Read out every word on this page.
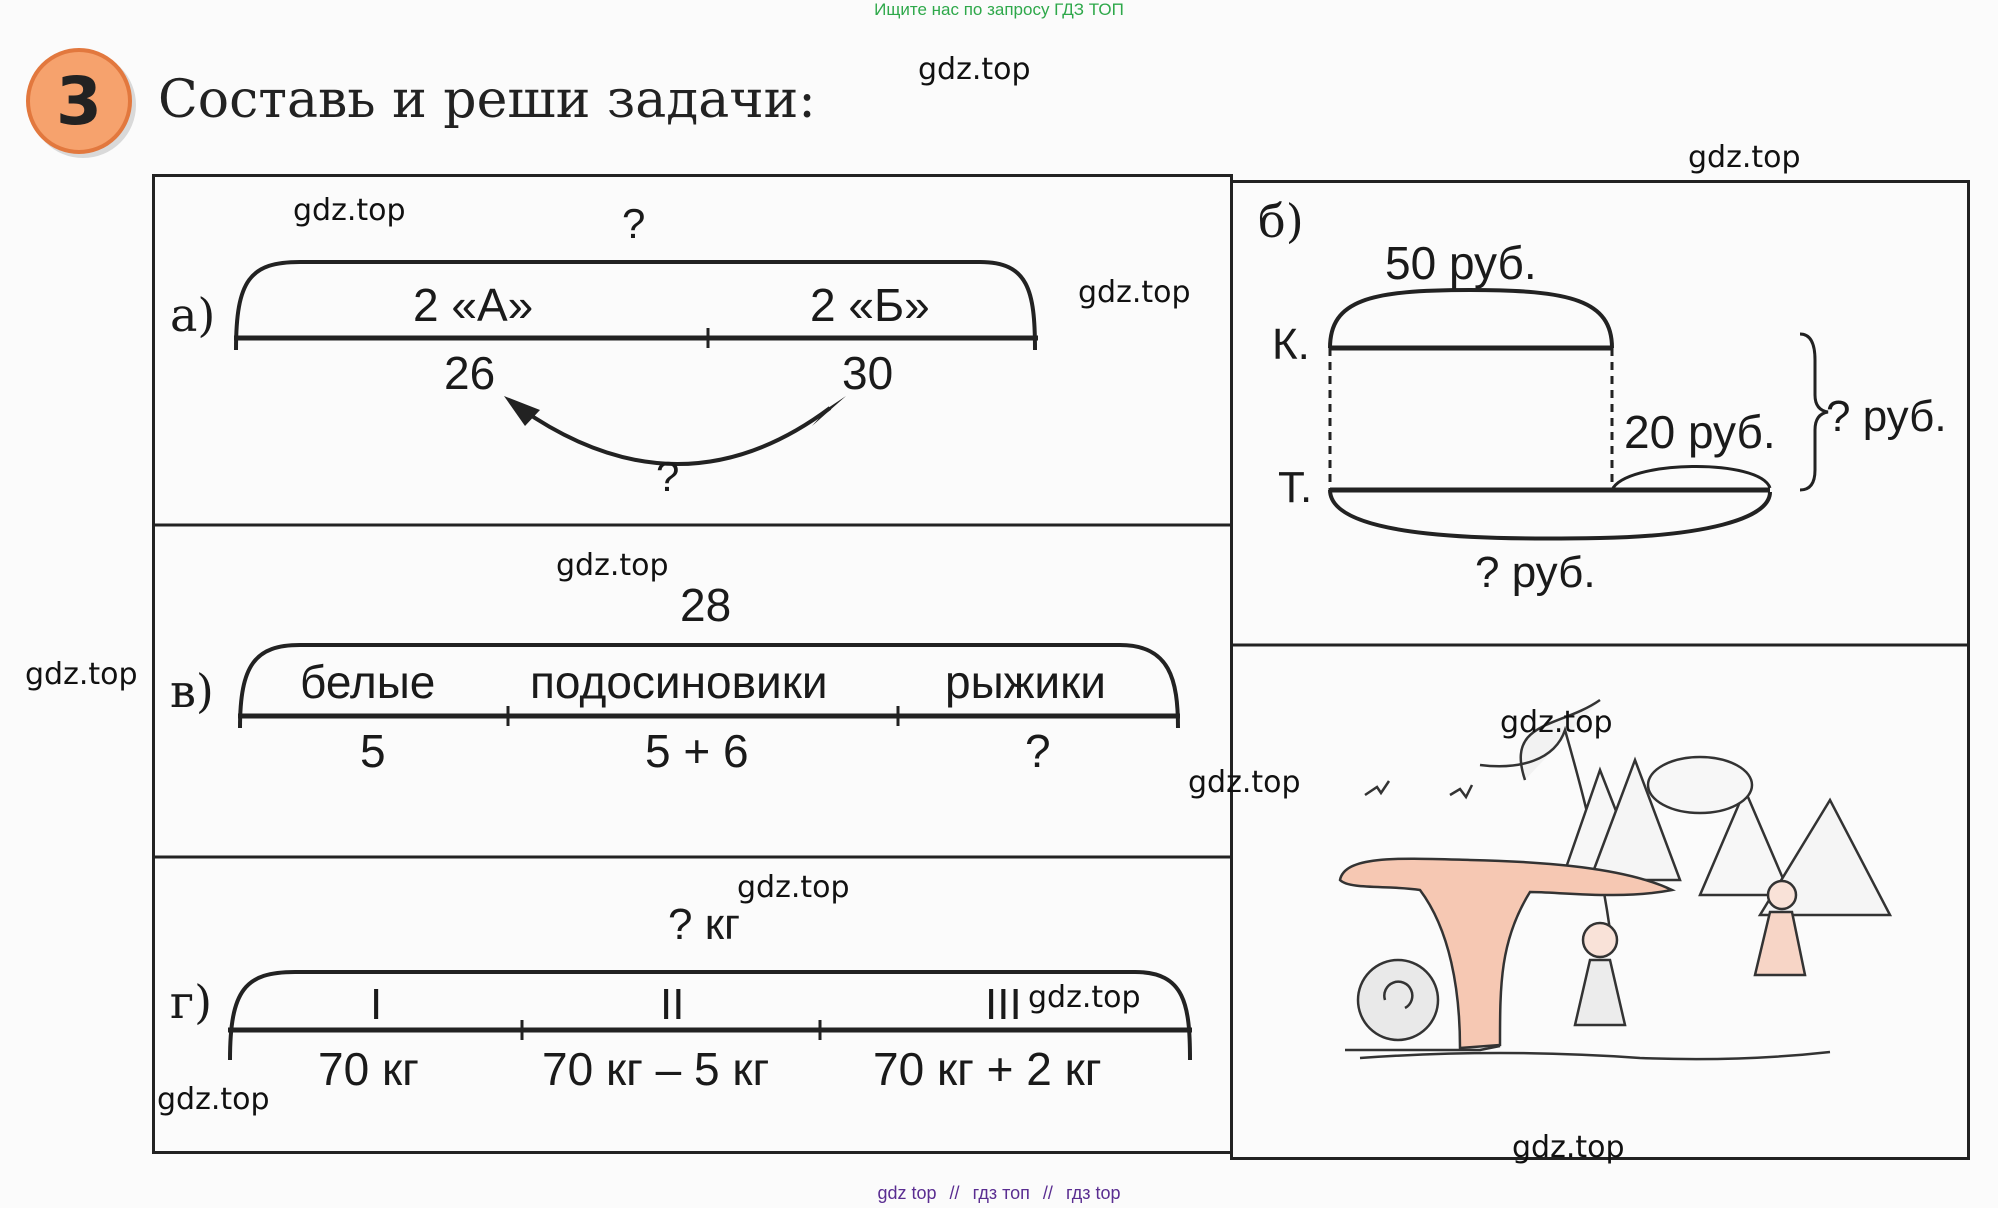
Ищите нас по запросу ГДЗ ТОП
3	Составь и реши задачи:
а)
?
2 «А»	2 «Б»
26	30
?
в)
28
белые подосиновики	рыжики
5	5 + 6	?
г)
? кг
I	II	III
70 кг	70 кг – 5 кг 70 кг + 2 кг
б)
50 руб.
К.
Т.
20 руб. ? руб.
? руб.
gdz.top
gdz.top
gdz.top
gdz.top
gdz.top
gdz.top
gdz.top
gdz.top
gdz.top
gdz.top
gdz.top
gdz.top
gdz top // гдз топ // гдз top
